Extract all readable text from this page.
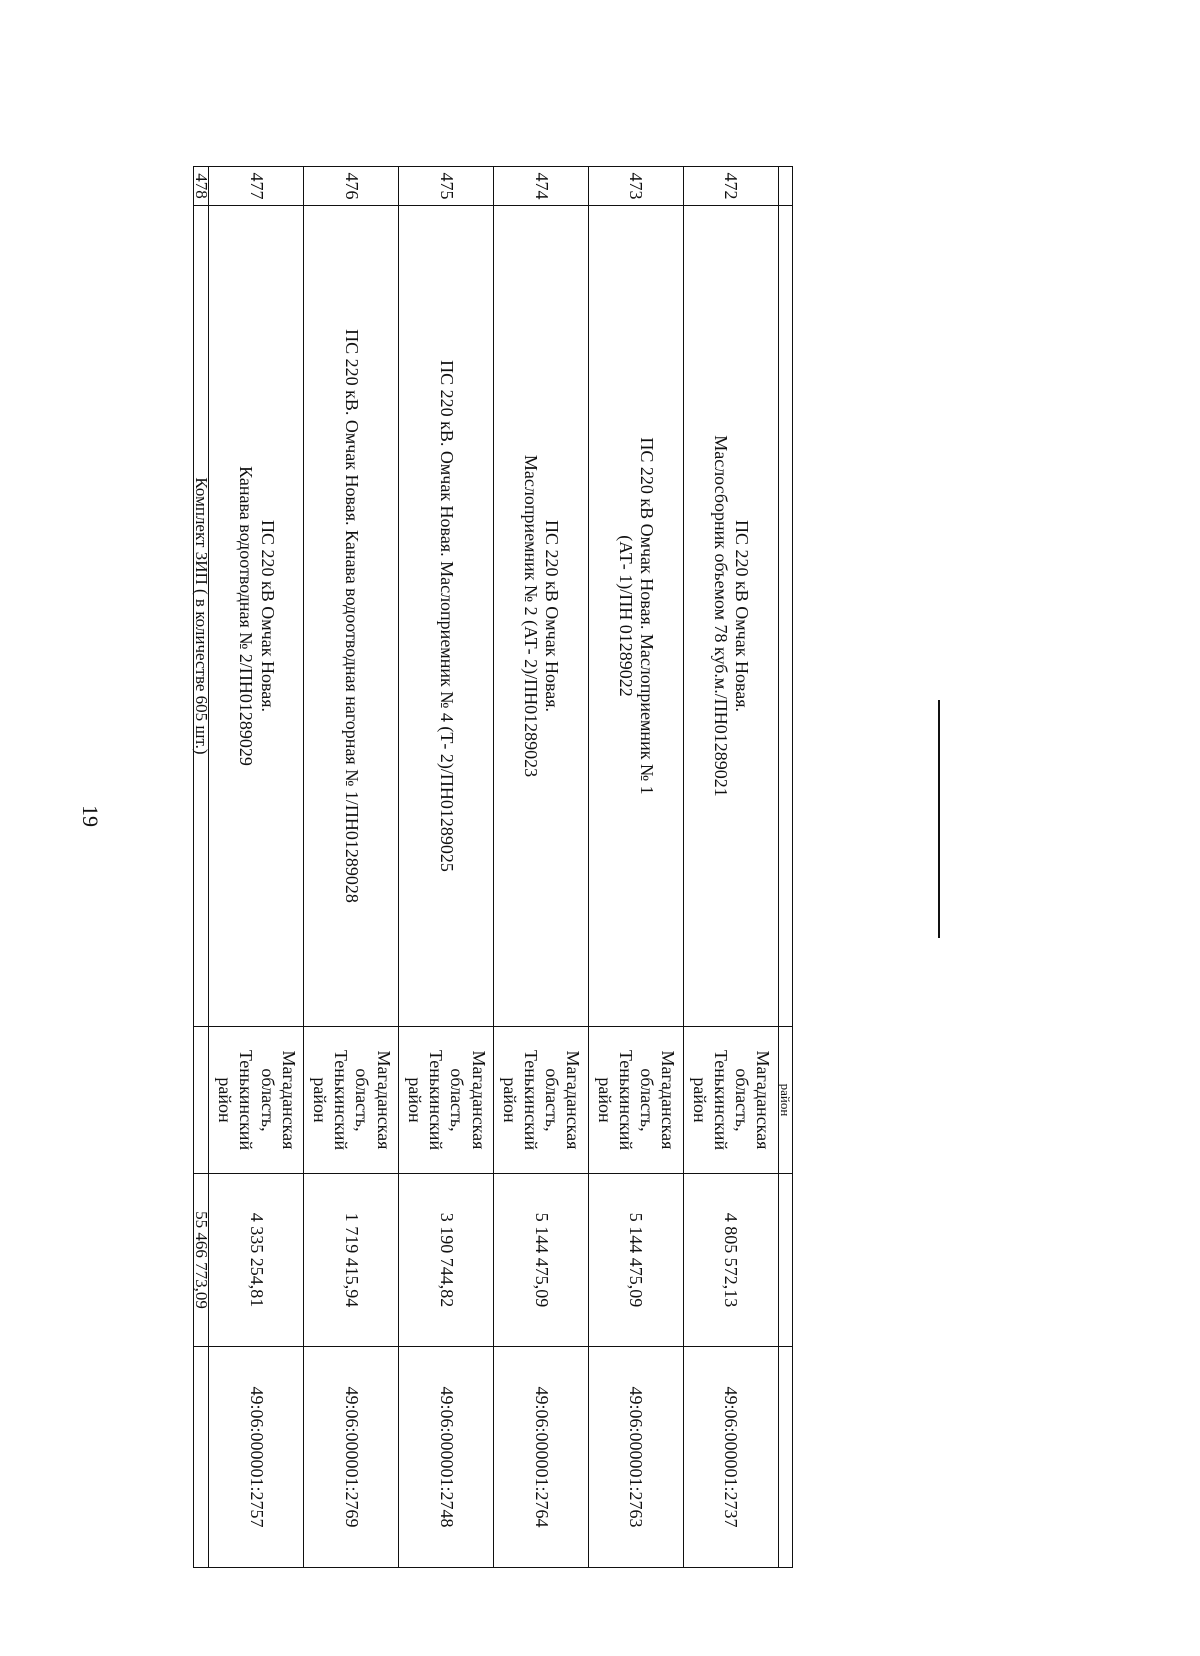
19
		район		
472	ПС 220 кВ Омчак Новая.
Маслосборник объемом 78 куб.м./ПН01289021	Магаданская
область,
Тенькинский
район	4 805 572,13	49:06:000001:2737
473	ПС 220 кВ Омчак Новая. Маслоприемник № 1
(АТ- 1)/ПН 01289022	Магаданская
область,
Тенькинский
район	5 144 475,09	49:06:000001:2763
474	ПС 220 кВ Омчак Новая.
Маслоприемник № 2 (АТ- 2)/ПН01289023	Магаданская
область,
Тенькинский
район	5 144 475,09	49:06:000001:2764
475	ПС 220 кВ. Омчак Новая. Маслоприемник № 4 (Т- 2)/ПН01289025	Магаданская
область,
Тенькинский
район	3 190 744,82	49:06:000001:2748
476	ПС 220 кВ. Омчак Новая. Канава водоотводная нагорная № 1/ПН01289028	Магаданская
область,
Тенькинский
район	1 719 415,94	49:06:000001:2769
477	ПС 220 кВ Омчак Новая.
Канава водоотводная № 2/ПН01289029	Магаданская
область,
Тенькинский
район	4 335 254,81	49:06:000001:2757
478	Комплект ЗИП ( в количестве 605 шт.)		55 466 773,09	
